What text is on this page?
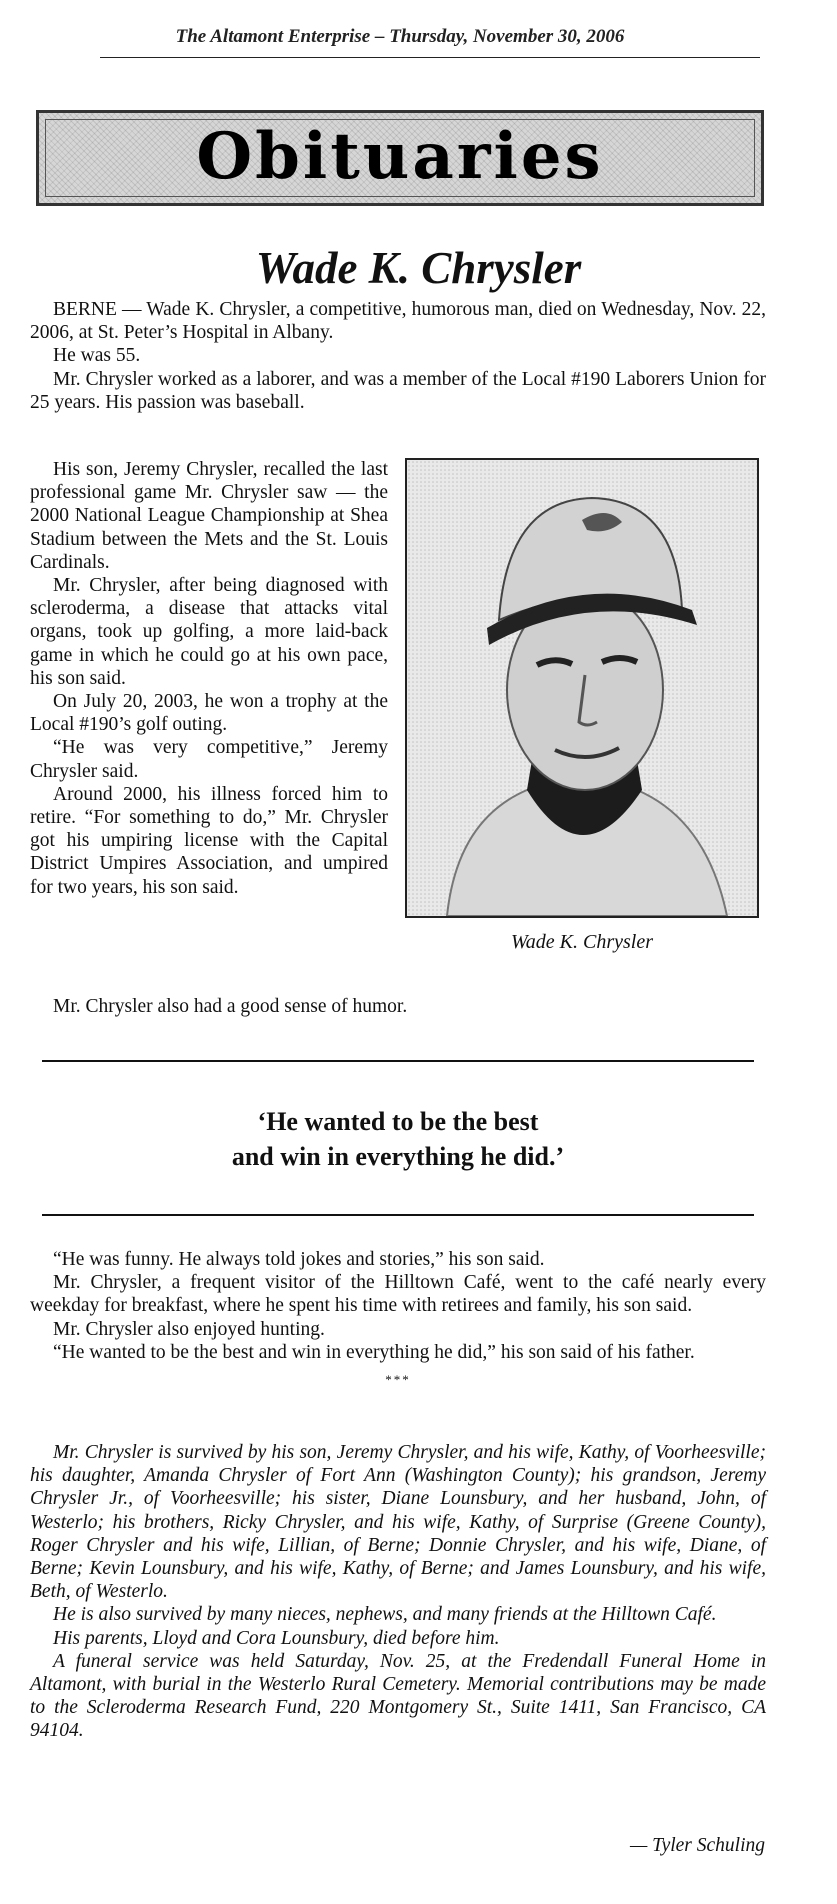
The Altamont Enterprise – Thursday, November 30, 2006
Obituaries
Wade K. Chrysler

BERNE — Wade K. Chrysler, a competitive, humorous man, died on Wednesday, Nov. 22, 2006, at St. Peter’s Hospital in Albany.

He was 55.

Mr. Chrysler worked as a laborer, and was a member of the Local #190 Laborers Union for 25 years. His passion was baseball.

His son, Jeremy Chrysler, recalled the last professional game Mr. Chrysler saw — the 2000 National League Championship at Shea Stadium between the Mets and the St. Louis Cardinals.

Mr. Chrysler, after being diagnosed with scleroderma, a disease that attacks vital organs, took up golfing, a more laid-back game in which he could go at his own pace, his son said.

On July 20, 2003, he won a trophy at the Local #190’s golf outing.

“He was very competitive,” Jeremy Chrysler said.

Around 2000, his illness forced him to retire. “For something to do,” Mr. Chrysler got his umpiring license with the Capital District Umpires Association, and umpired for two years, his son said.

Wade K. Chrysler

Mr. Chrysler also had a good sense of humor.

‘He wanted to be the best
and win in everything he did.’

“He was funny. He always told jokes and stories,” his son said.

Mr. Chrysler, a frequent visitor of the Hilltown Café, went to the café nearly every weekday for breakfast, where he spent his time with retirees and family, his son said.

Mr. Chrysler also enjoyed hunting.

“He wanted to be the best and win in everything he did,” his son said of his father.

***

Mr. Chrysler is survived by his son, Jeremy Chrysler, and his wife, Kathy, of Voorheesville; his daughter, Amanda Chrysler of Fort Ann (Washington County); his grandson, Jeremy Chrysler Jr., of Voorheesville; his sister, Diane Lounsbury, and her husband, John, of Westerlo; his brothers, Ricky Chrysler, and his wife, Kathy, of Surprise (Greene County), Roger Chrysler and his wife, Lillian, of Berne; Donnie Chrysler, and his wife, Diane, of Berne; Kevin Lounsbury, and his wife, Kathy, of Berne; and James Lounsbury, and his wife, Beth, of Westerlo.

He is also survived by many nieces, nephews, and many friends at the Hilltown Café.

His parents, Lloyd and Cora Lounsbury, died before him.

A funeral service was held Saturday, Nov. 25, at the Fredendall Funeral Home in Altamont, with burial in the Westerlo Rural Cemetery. Memorial contributions may be made to the Scleroderma Research Fund, 220 Montgomery St., Suite 1411, San Francisco, CA 94104.

— Tyler Schuling
